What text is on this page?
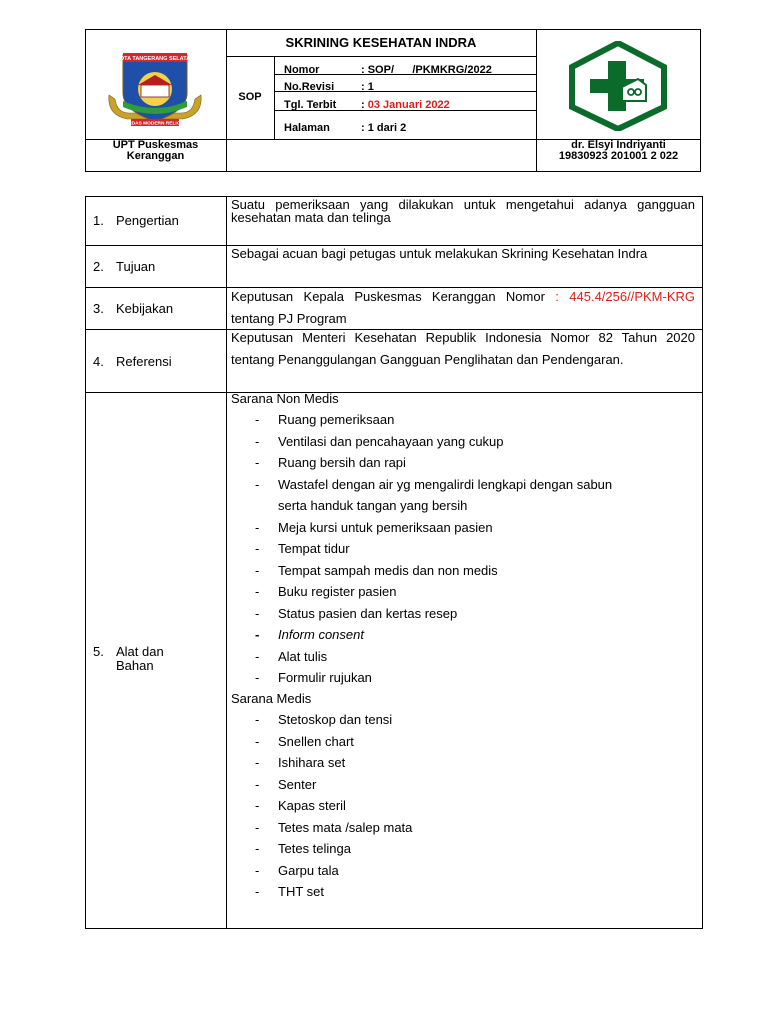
SKRINING KESEHATAN INDRA
SOP
Nomor	: SOP/      /PKMKRG/2022
No.Revisi : 1
Tgl. Terbit : 03 Januari 2022
Halaman	: 1 dari 2
KOTA TANGERANG SELATAN
CERDAS MODERN RELIGIUS
UPT Puskesmas
Keranggan
dr. Elsyi Indriyanti
19830923 201001 2 022
1. Pengertian
Suatu pemeriksaan yang dilakukan untuk mengetahui adanya gangguan kesehatan mata dan telinga
2. Tujuan
Sebagai acuan bagi petugas untuk melakukan Skrining Kesehatan Indra
3. Kebijakan
Keputusan Kepala Puskesmas Keranggan Nomor : 445.4/256//PKM-KRG tentang PJ Program
4. Referensi
Keputusan Menteri Kesehatan Republik Indonesia Nomor 82 Tahun 2020 tentang Penanggulangan Gangguan Penglihatan dan Pendengaran.
5. Alat dan
Bahan
Sarana Non Medis
- Ruang pemeriksaan
- Ventilasi dan pencahayaan yang cukup
- Ruang bersih dan rapi
- Wastafel dengan air yg mengalirdi lengkapi dengan sabun
serta handuk tangan yang bersih
- Meja kursi untuk pemeriksaan pasien
- Tempat tidur
- Tempat sampah medis dan non medis
- Buku register pasien
- Status pasien dan kertas resep
- Inform consent
- Alat tulis
- Formulir rujukan
Sarana Medis
- Stetoskop dan tensi
- Snellen chart
- Ishihara set
- Senter
- Kapas steril
- Tetes mata /salep mata
- Tetes telinga
- Garpu tala
- THT set
